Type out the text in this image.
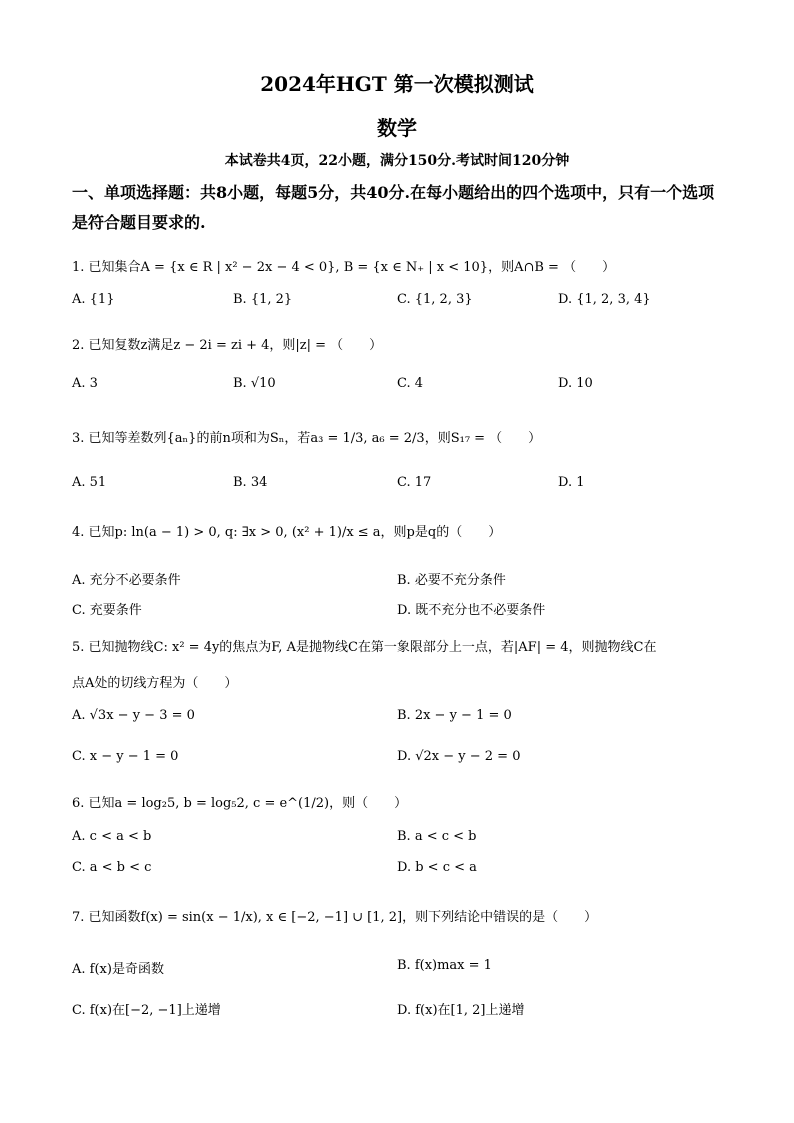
2024年HGT 第一次模拟测试
数学
本试卷共4页，22小题，满分150分.考试时间120分钟
一、单项选择题：共8小题，每题5分，共40分.在每小题给出的四个选项中，只有一个选项
是符合题目要求的.
1. 已知集合A = {x ∈ R | x² − 2x − 4 < 0}, B = {x ∈ N₊ | x < 10}，则A∩B = （　　）
A. {1}	B. {1, 2}	C. {1, 2, 3}	D. {1, 2, 3, 4}
2. 已知复数z满足z − 2i = zi + 4，则|z| = （　　）
A. 3	B. √10	C. 4	D. 10
3. 已知等差数列{aₙ}的前n项和为Sₙ，若a₃ = 1/3, a₆ = 2/3，则S₁₇ = （　　）
A. 51	B. 34	C. 17	D. 1
4. 已知p: ln(a − 1) > 0, q: ∃x > 0, (x² + 1)/x ≤ a，则p是q的（　　）
A. 充分不必要条件	B. 必要不充分条件
C. 充要条件	D. 既不充分也不必要条件
5. 已知抛物线C: x² = 4y的焦点为F, A是抛物线C在第一象限部分上一点，若|AF| = 4，则抛物线C在
点A处的切线方程为（　　）
A. √3x − y − 3 = 0	B. 2x − y − 1 = 0
C. x − y − 1 = 0	D. √2x − y − 2 = 0
6. 已知a = log₂5, b = log₅2, c = e^(1/2)，则（　　）
A. c < a < b	B. a < c < b
C. a < b < c	D. b < c < a
7. 已知函数f(x) = sin(x − 1/x), x ∈ [−2, −1] ∪ [1, 2]，则下列结论中错误的是（　　）
A. f(x)是奇函数	B. f(x)max = 1
C. f(x)在[−2, −1]上递增	D. f(x)在[1, 2]上递增
